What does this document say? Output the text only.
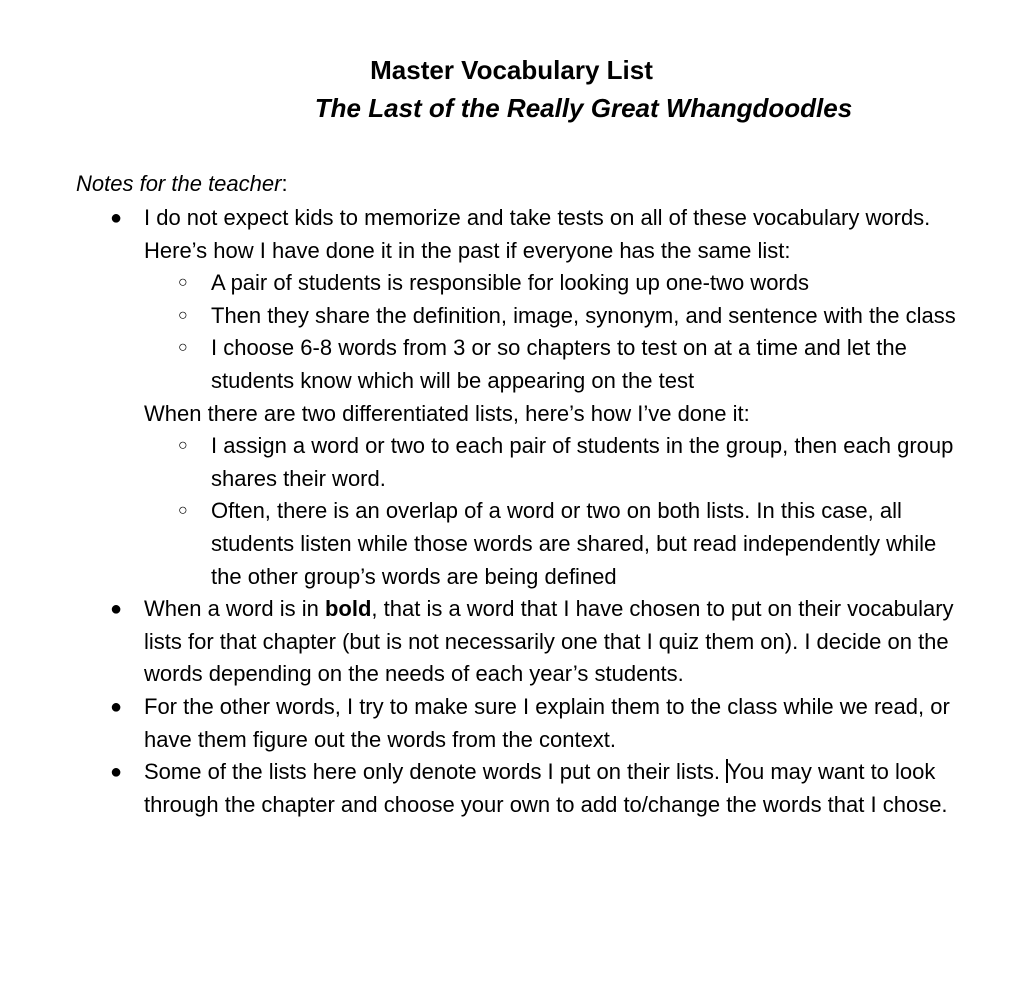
Master Vocabulary List
The Last of the Really Great Whangdoodles

Notes for the teacher:

● I do not expect kids to memorize and take tests on all of these vocabulary words. Here’s how I have done it in the past if everyone has the same list:
○ A pair of students is responsible for looking up one-two words
○ Then they share the definition, image, synonym, and sentence with the class
○ I choose 6-8 words from 3 or so chapters to test on at a time and let the students know which will be appearing on the test
When there are two differentiated lists, here’s how I’ve done it:
○ I assign a word or two to each pair of students in the group, then each group shares their word.
○ Often, there is an overlap of a word or two on both lists. In this case, all students listen while those words are shared, but read independently while the other group’s words are being defined
● When a word is in bold, that is a word that I have chosen to put on their vocabulary lists for that chapter (but is not necessarily one that I quiz them on). I decide on the words depending on the needs of each year’s students.
● For the other words, I try to make sure I explain them to the class while we read, or have them figure out the words from the context.
● Some of the lists here only denote words I put on their lists. You may want to look through the chapter and choose your own to add to/change the words that I chose.
